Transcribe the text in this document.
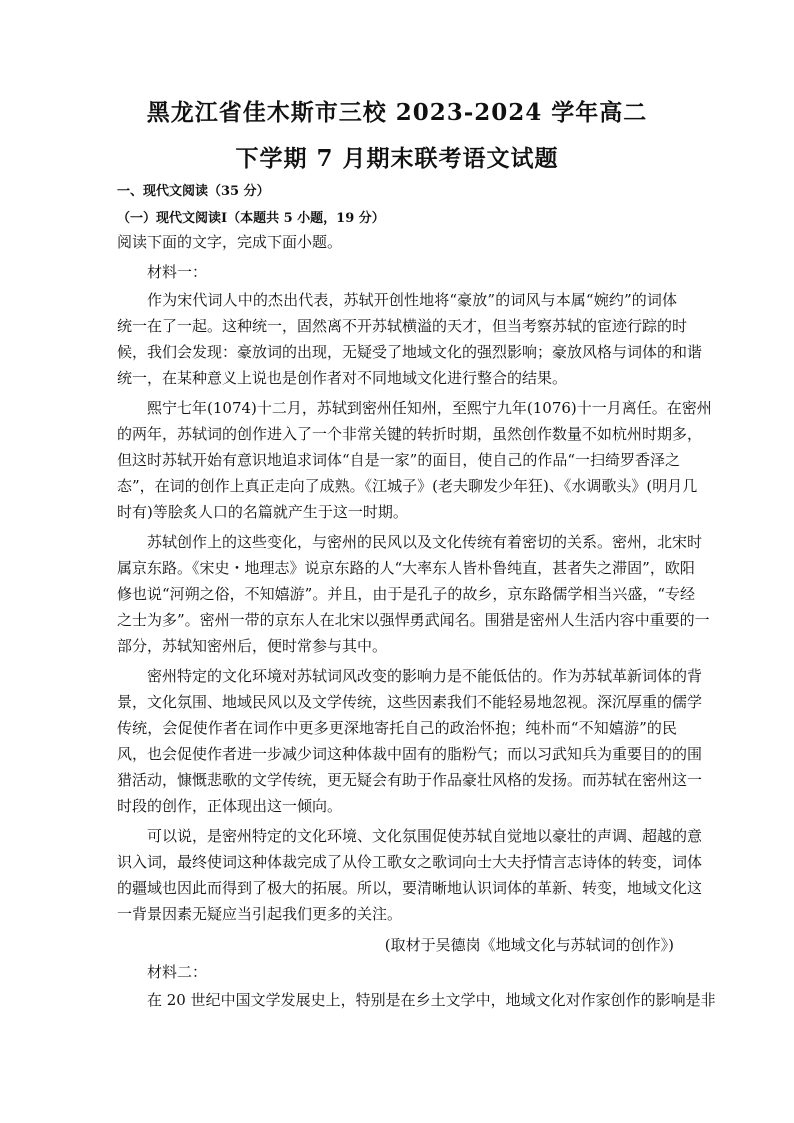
黑龙江省佳木斯市三校 2023-2024 学年高二
下学期 7 月期末联考语文试题
一、现代文阅读（35 分）
（一）现代文阅读Ⅰ（本题共 5 小题，19 分）
阅读下面的文字，完成下面小题。
材料一：
作为宋代词人中的杰出代表，苏轼开创性地将“豪放”的词风与本属“婉约”的词体
统一在了一起。这种统一，固然离不开苏轼横溢的天才，但当考察苏轼的宦迹行踪的时
候，我们会发现：豪放词的出现，无疑受了地域文化的强烈影响；豪放风格与词体的和谐
统一，在某种意义上说也是创作者对不同地域文化进行整合的结果。
熙宁七年(1074)十二月，苏轼到密州任知州，至熙宁九年(1076)十一月离任。在密州
的两年，苏轼词的创作进入了一个非常关键的转折时期，虽然创作数量不如杭州时期多，
但这时苏轼开始有意识地追求词体“自是一家”的面目，使自己的作品“一扫绮罗香泽之
态”，在词的创作上真正走向了成熟。《江城子》(老夫聊发少年狂)、《水调歌头》(明月几
时有)等脍炙人口的名篇就产生于这一时期。
苏轼创作上的这些变化，与密州的民风以及文化传统有着密切的关系。密州，北宋时
属京东路。《宋史・地理志》说京东路的人“大率东人皆朴鲁纯直，甚者失之滞固”，欧阳
修也说“河朔之俗，不知嬉游”。并且，由于是孔子的故乡，京东路儒学相当兴盛，“专经
之士为多”。密州一带的京东人在北宋以强悍勇武闻名。围猎是密州人生活内容中重要的一
部分，苏轼知密州后，便时常参与其中。
密州特定的文化环境对苏轼词风改变的影响力是不能低估的。作为苏轼革新词体的背
景，文化氛围、地域民风以及文学传统，这些因素我们不能轻易地忽视。深沉厚重的儒学
传统，会促使作者在词作中更多更深地寄托自己的政治怀抱；纯朴而“不知嬉游”的民
风，也会促使作者进一步减少词这种体裁中固有的脂粉气；而以习武知兵为重要目的的围
猎活动，慷慨悲歌的文学传统，更无疑会有助于作品豪壮风格的发扬。而苏轼在密州这一
时段的创作，正体现出这一倾向。
可以说，是密州特定的文化环境、文化氛围促使苏轼自觉地以豪壮的声调、超越的意
识入词，最终使词这种体裁完成了从伶工歌女之歌词向士大夫抒情言志诗体的转变，词体
的疆域也因此而得到了极大的拓展。所以，要清晰地认识词体的革新、转变，地域文化这
一背景因素无疑应当引起我们更多的关注。
(取材于吴德岗《地域文化与苏轼词的创作》)
材料二：
在 20 世纪中国文学发展史上，特别是在乡土文学中，地域文化对作家创作的影响是非
